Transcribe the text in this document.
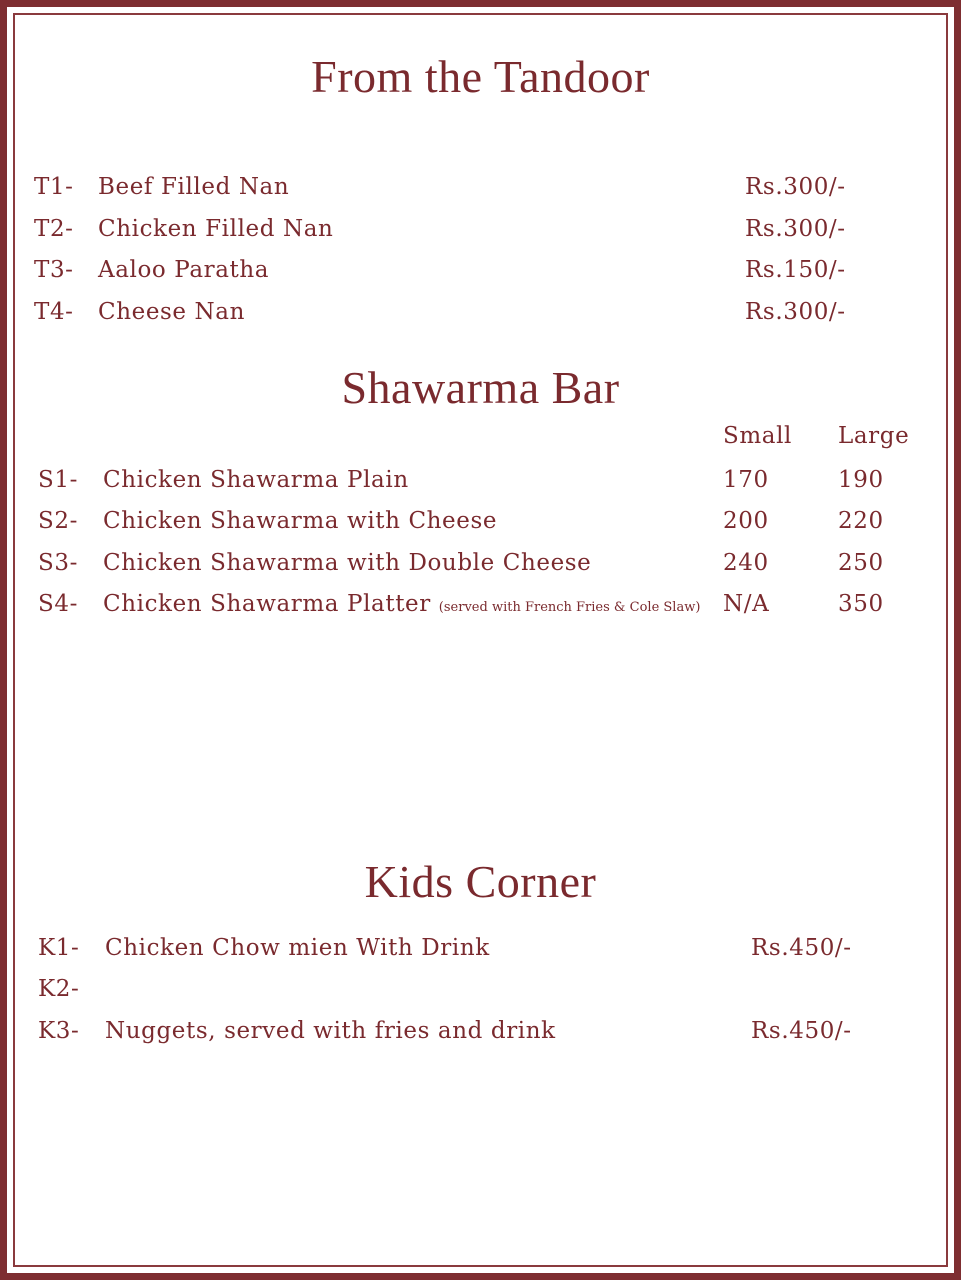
From the Tandoor
T1- Beef Filled Nan	Rs.300/-
T2- Chicken Filled Nan	Rs.300/-
T3- Aaloo Paratha	Rs.150/-
T4- Cheese Nan	Rs.300/-
Shawarma Bar
Small Large
S1- Chicken Shawarma Plain	170	190
S2- Chicken Shawarma with Cheese	200	220
S3- Chicken Shawarma with Double Cheese	240	250
S4- Chicken Shawarma Platter (served with French Fries & Cole Slaw) N/A	350
Kids Corner
K1- Chicken Chow mien With Drink	Rs.450/-
K2-
K3- Nuggets, served with fries and drink	Rs.450/-
